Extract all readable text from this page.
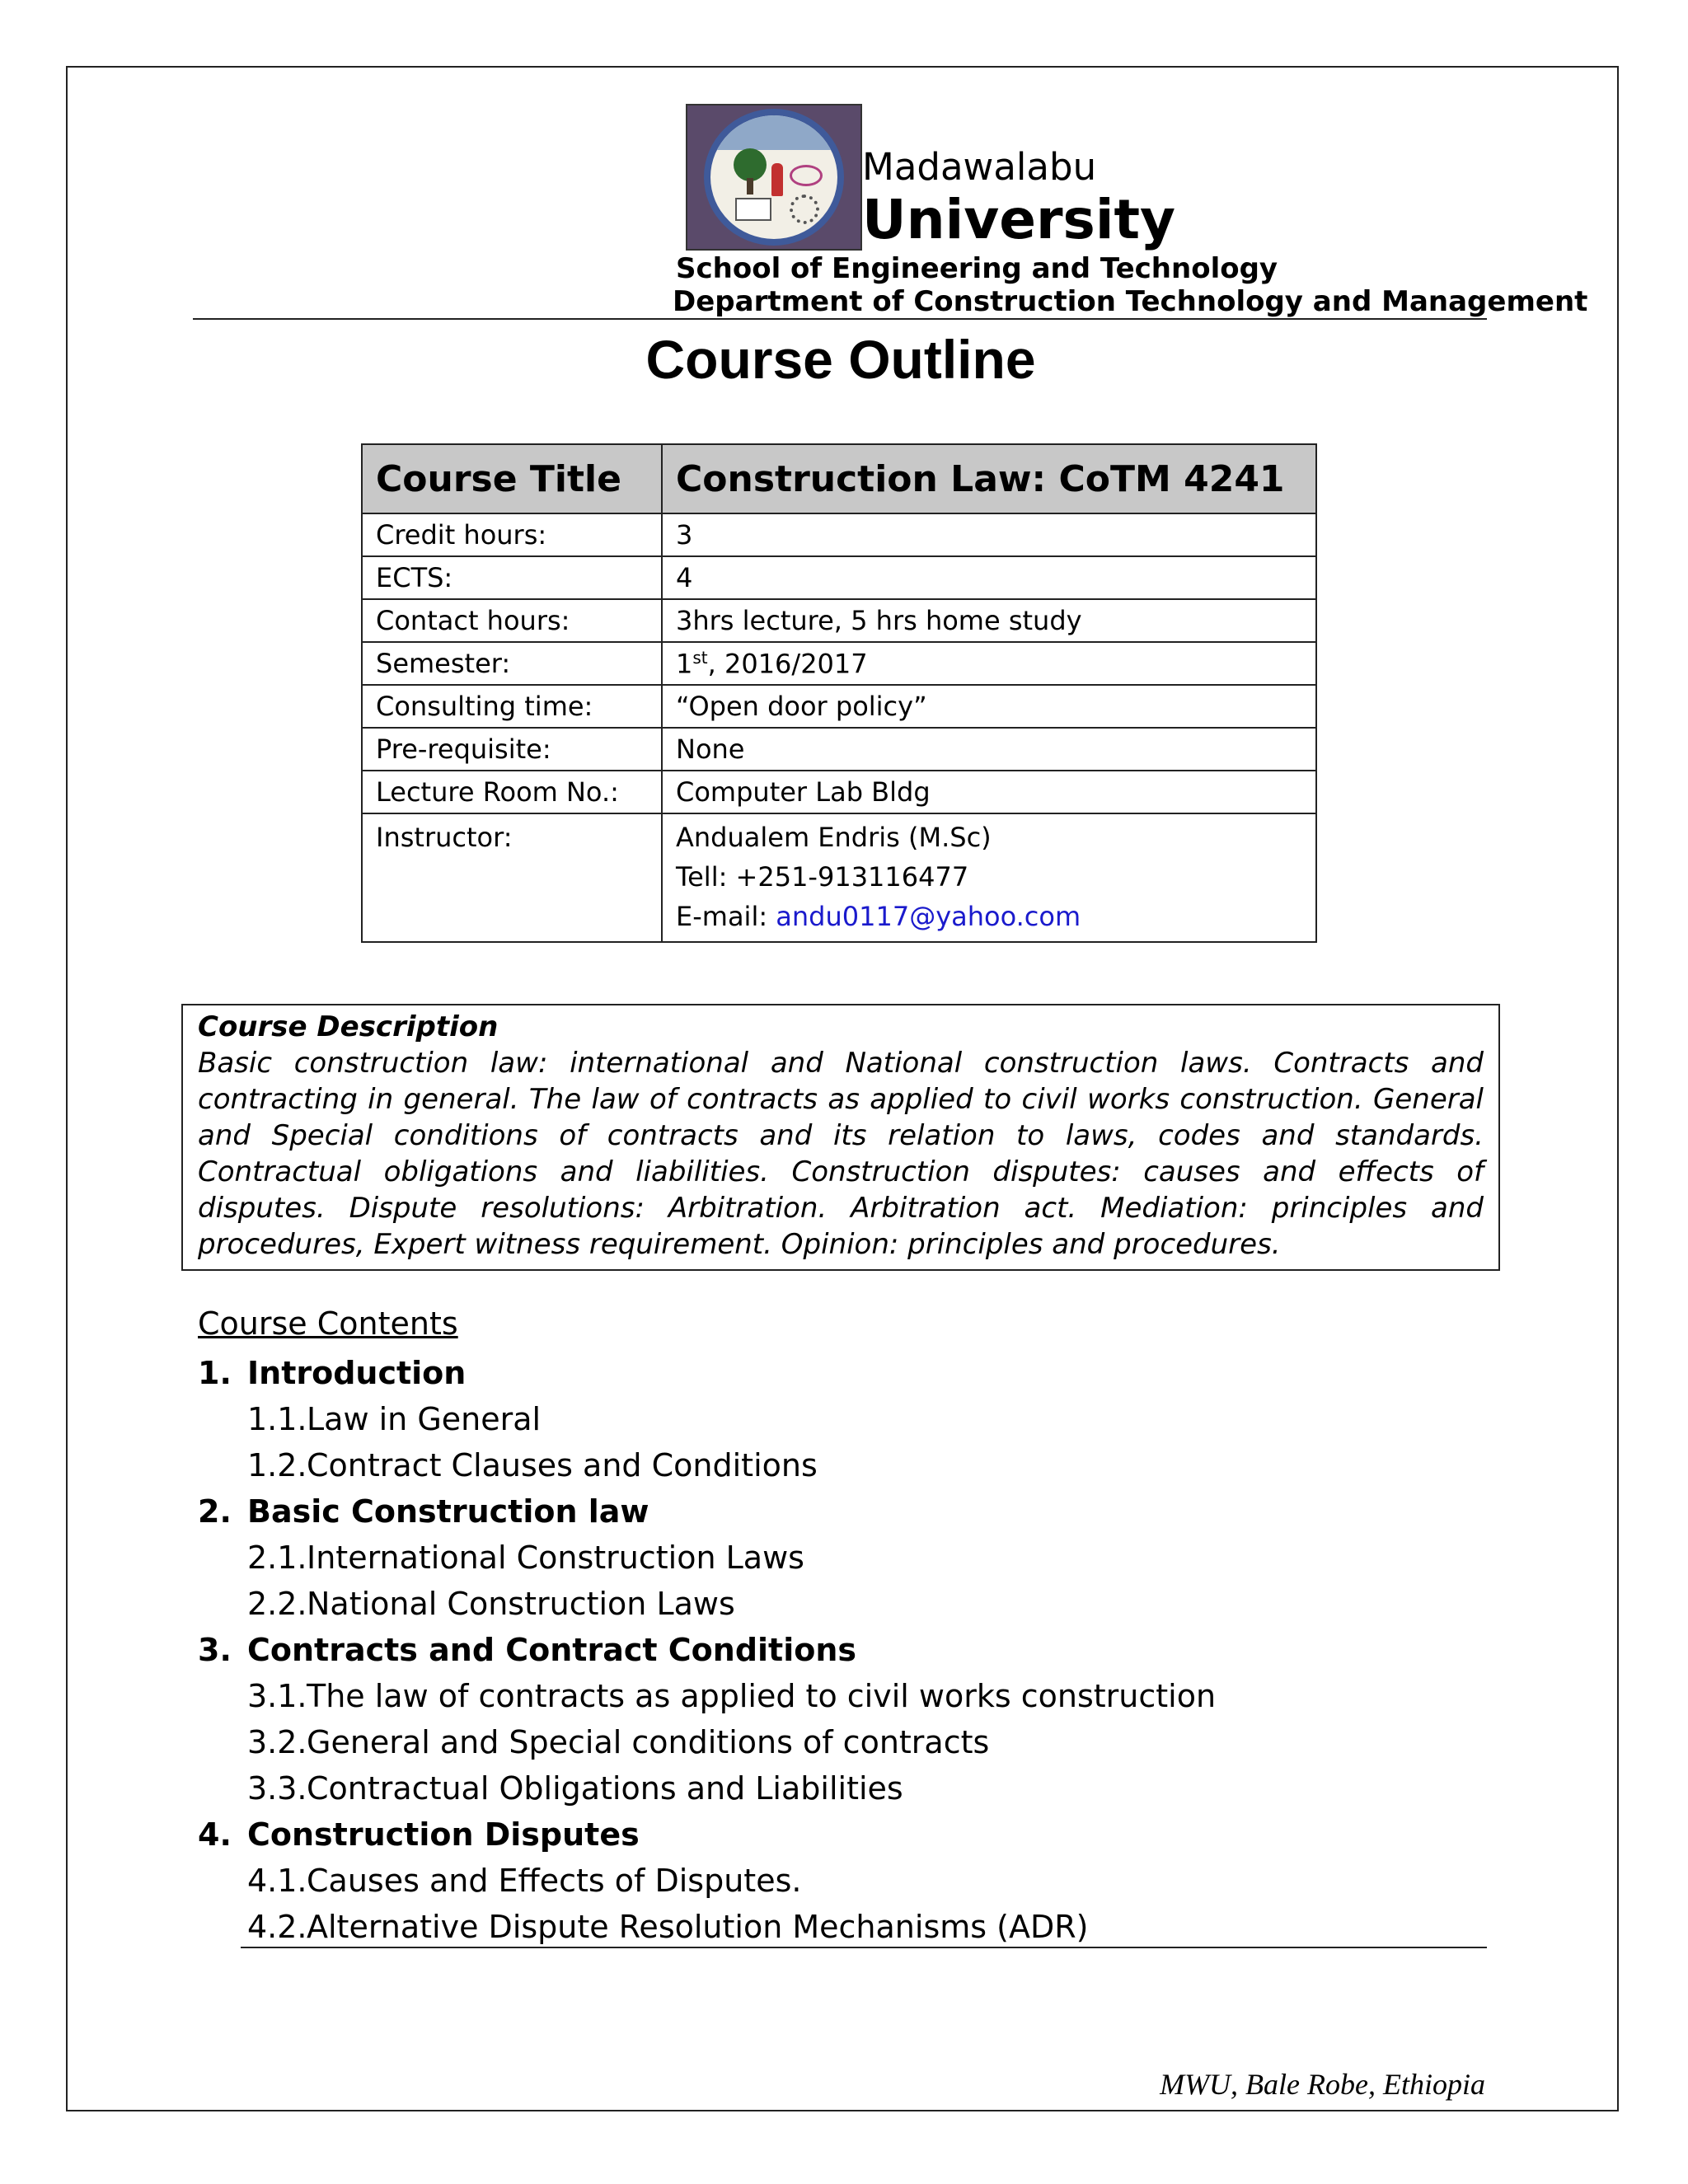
Madawalabu
University
School of Engineering and Technology
Department of Construction Technology and Management
Course Outline
Course Title	Construction Law: CoTM 4241
Credit hours:	3
ECTS:	4
Contact hours:	3hrs lecture, 5 hrs home study
Semester:	1st, 2016/2017
Consulting time:	“Open door policy”
Pre-requisite:	None
Lecture Room No.:	Computer Lab Bldg

Instructor:	Andualem Endris (M.Sc)
Tell: +251-913116477
E-mail: andu0117@yahoo.com
Course Description
Basic construction law: international and National construction laws. Contracts and contracting in general. The law of contracts as applied to civil works construction. General and Special conditions of contracts and its relation to laws, codes and standards. Contractual obligations and liabilities. Construction disputes: causes and effects of disputes. Dispute resolutions: Arbitration. Arbitration act. Mediation: principles and procedures, Expert witness requirement. Opinion: principles and procedures.
Course Contents
1. Introduction
1.1. Law in General
1.2. Contract Clauses and Conditions
2. Basic Construction law
2.1. International Construction Laws
2.2. National Construction Laws
3. Contracts and Contract Conditions
3.1. The law of contracts as applied to civil works construction
3.2. General and Special conditions of contracts
3.3. Contractual Obligations and Liabilities
4. Construction Disputes
4.1. Causes and Effects of Disputes.
4.2. Alternative Dispute Resolution Mechanisms (ADR)
MWU, Bale Robe, Ethiopia
